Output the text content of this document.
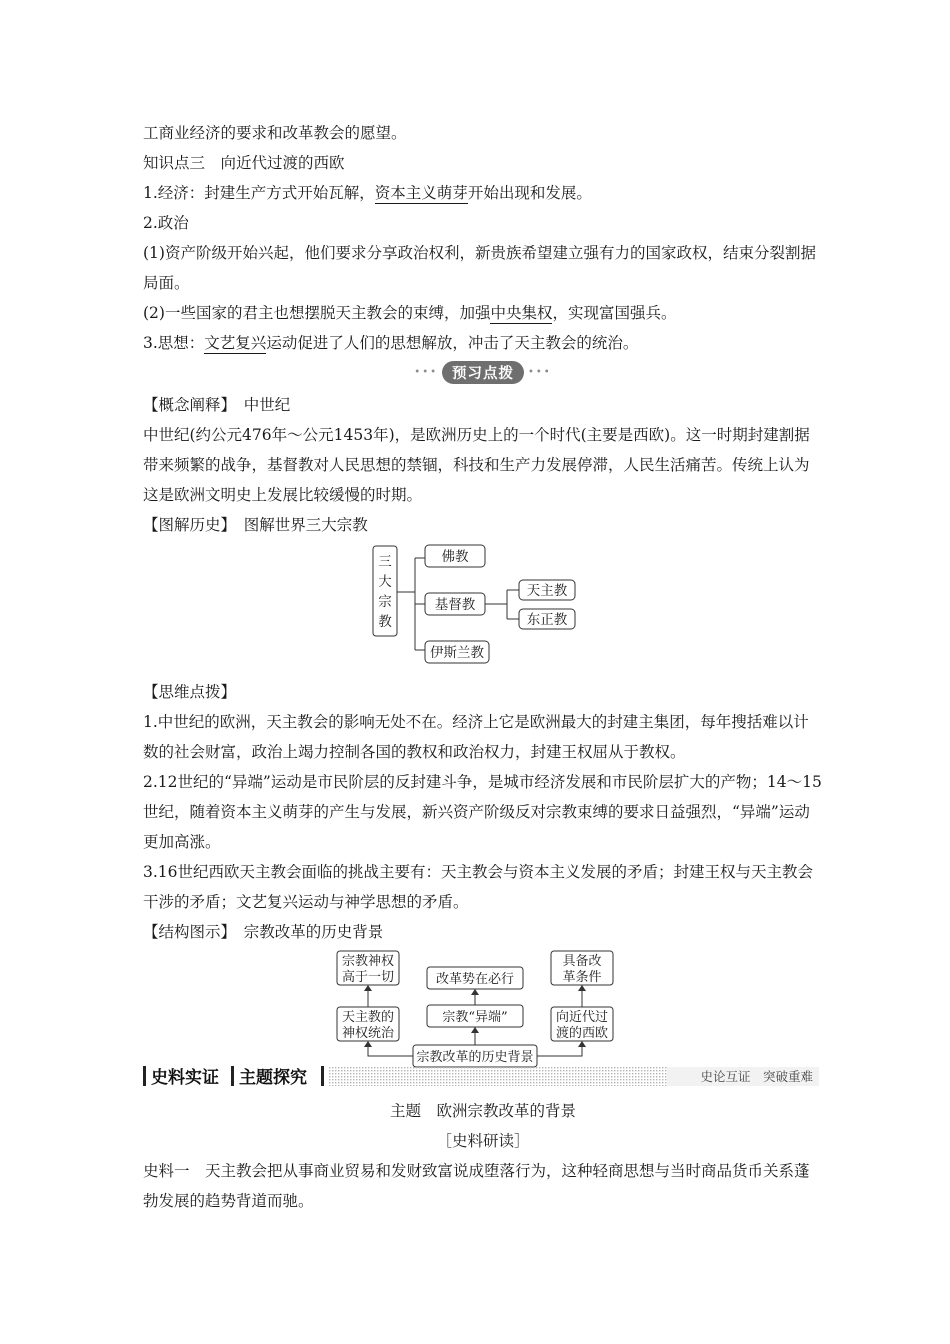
工商业经济的要求和改革教会的愿望。
知识点三　向近代过渡的西欧
1.经济：封建生产方式开始瓦解，资本主义萌芽开始出现和发展。
2.政治
(1)资产阶级开始兴起，他们要求分享政治权利，新贵族希望建立强有力的国家政权，结束分裂割据局面。
(2)一些国家的君主也想摆脱天主教会的束缚，加强中央集权，实现富国强兵。
3.思想：文艺复兴运动促进了人们的思想解放，冲击了天主教会的统治。
••• 预习点拨	•••
【概念阐释】　中世纪
中世纪(约公元476年～公元1453年)，是欧洲历史上的一个时代(主要是西欧)。这一时期封建割据带来频繁的战争，基督教对人民思想的禁锢，科技和生产力发展停滞，人民生活痛苦。传统上认为这是欧洲文明史上发展比较缓慢的时期。
【图解历史】　图解世界三大宗教
三
大
宗
教
佛教
基督教
伊斯兰教
天主教
东正教
【思维点拨】
1.中世纪的欧洲，天主教会的影响无处不在。经济上它是欧洲最大的封建主集团，每年搜括难以计数的社会财富，政治上竭力控制各国的教权和政治权力，封建王权屈从于教权。
2.12世纪的“异端”运动是市民阶层的反封建斗争，是城市经济发展和市民阶层扩大的产物；14～15世纪，随着资本主义萌芽的产生与发展，新兴资产阶级反对宗教束缚的要求日益强烈，“异端”运动更加高涨。
3.16世纪西欧天主教会面临的挑战主要有：天主教会与资本主义发展的矛盾；封建王权与天主教会干涉的矛盾；文艺复兴运动与神学思想的矛盾。
【结构图示】　宗教改革的历史背景
宗教神权
高于一切
天主教的
神权统治
改革势在必行
宗教“异端”
具备改
革条件
向近代过
渡的西欧
宗教改革的历史背景
史料实证 主题探究	史论互证　突破重难
主题　欧洲宗教改革的背景
［史料研读］
史料一　天主教会把从事商业贸易和发财致富说成堕落行为，这种轻商思想与当时商品货币关系蓬勃发展的趋势背道而驰。
